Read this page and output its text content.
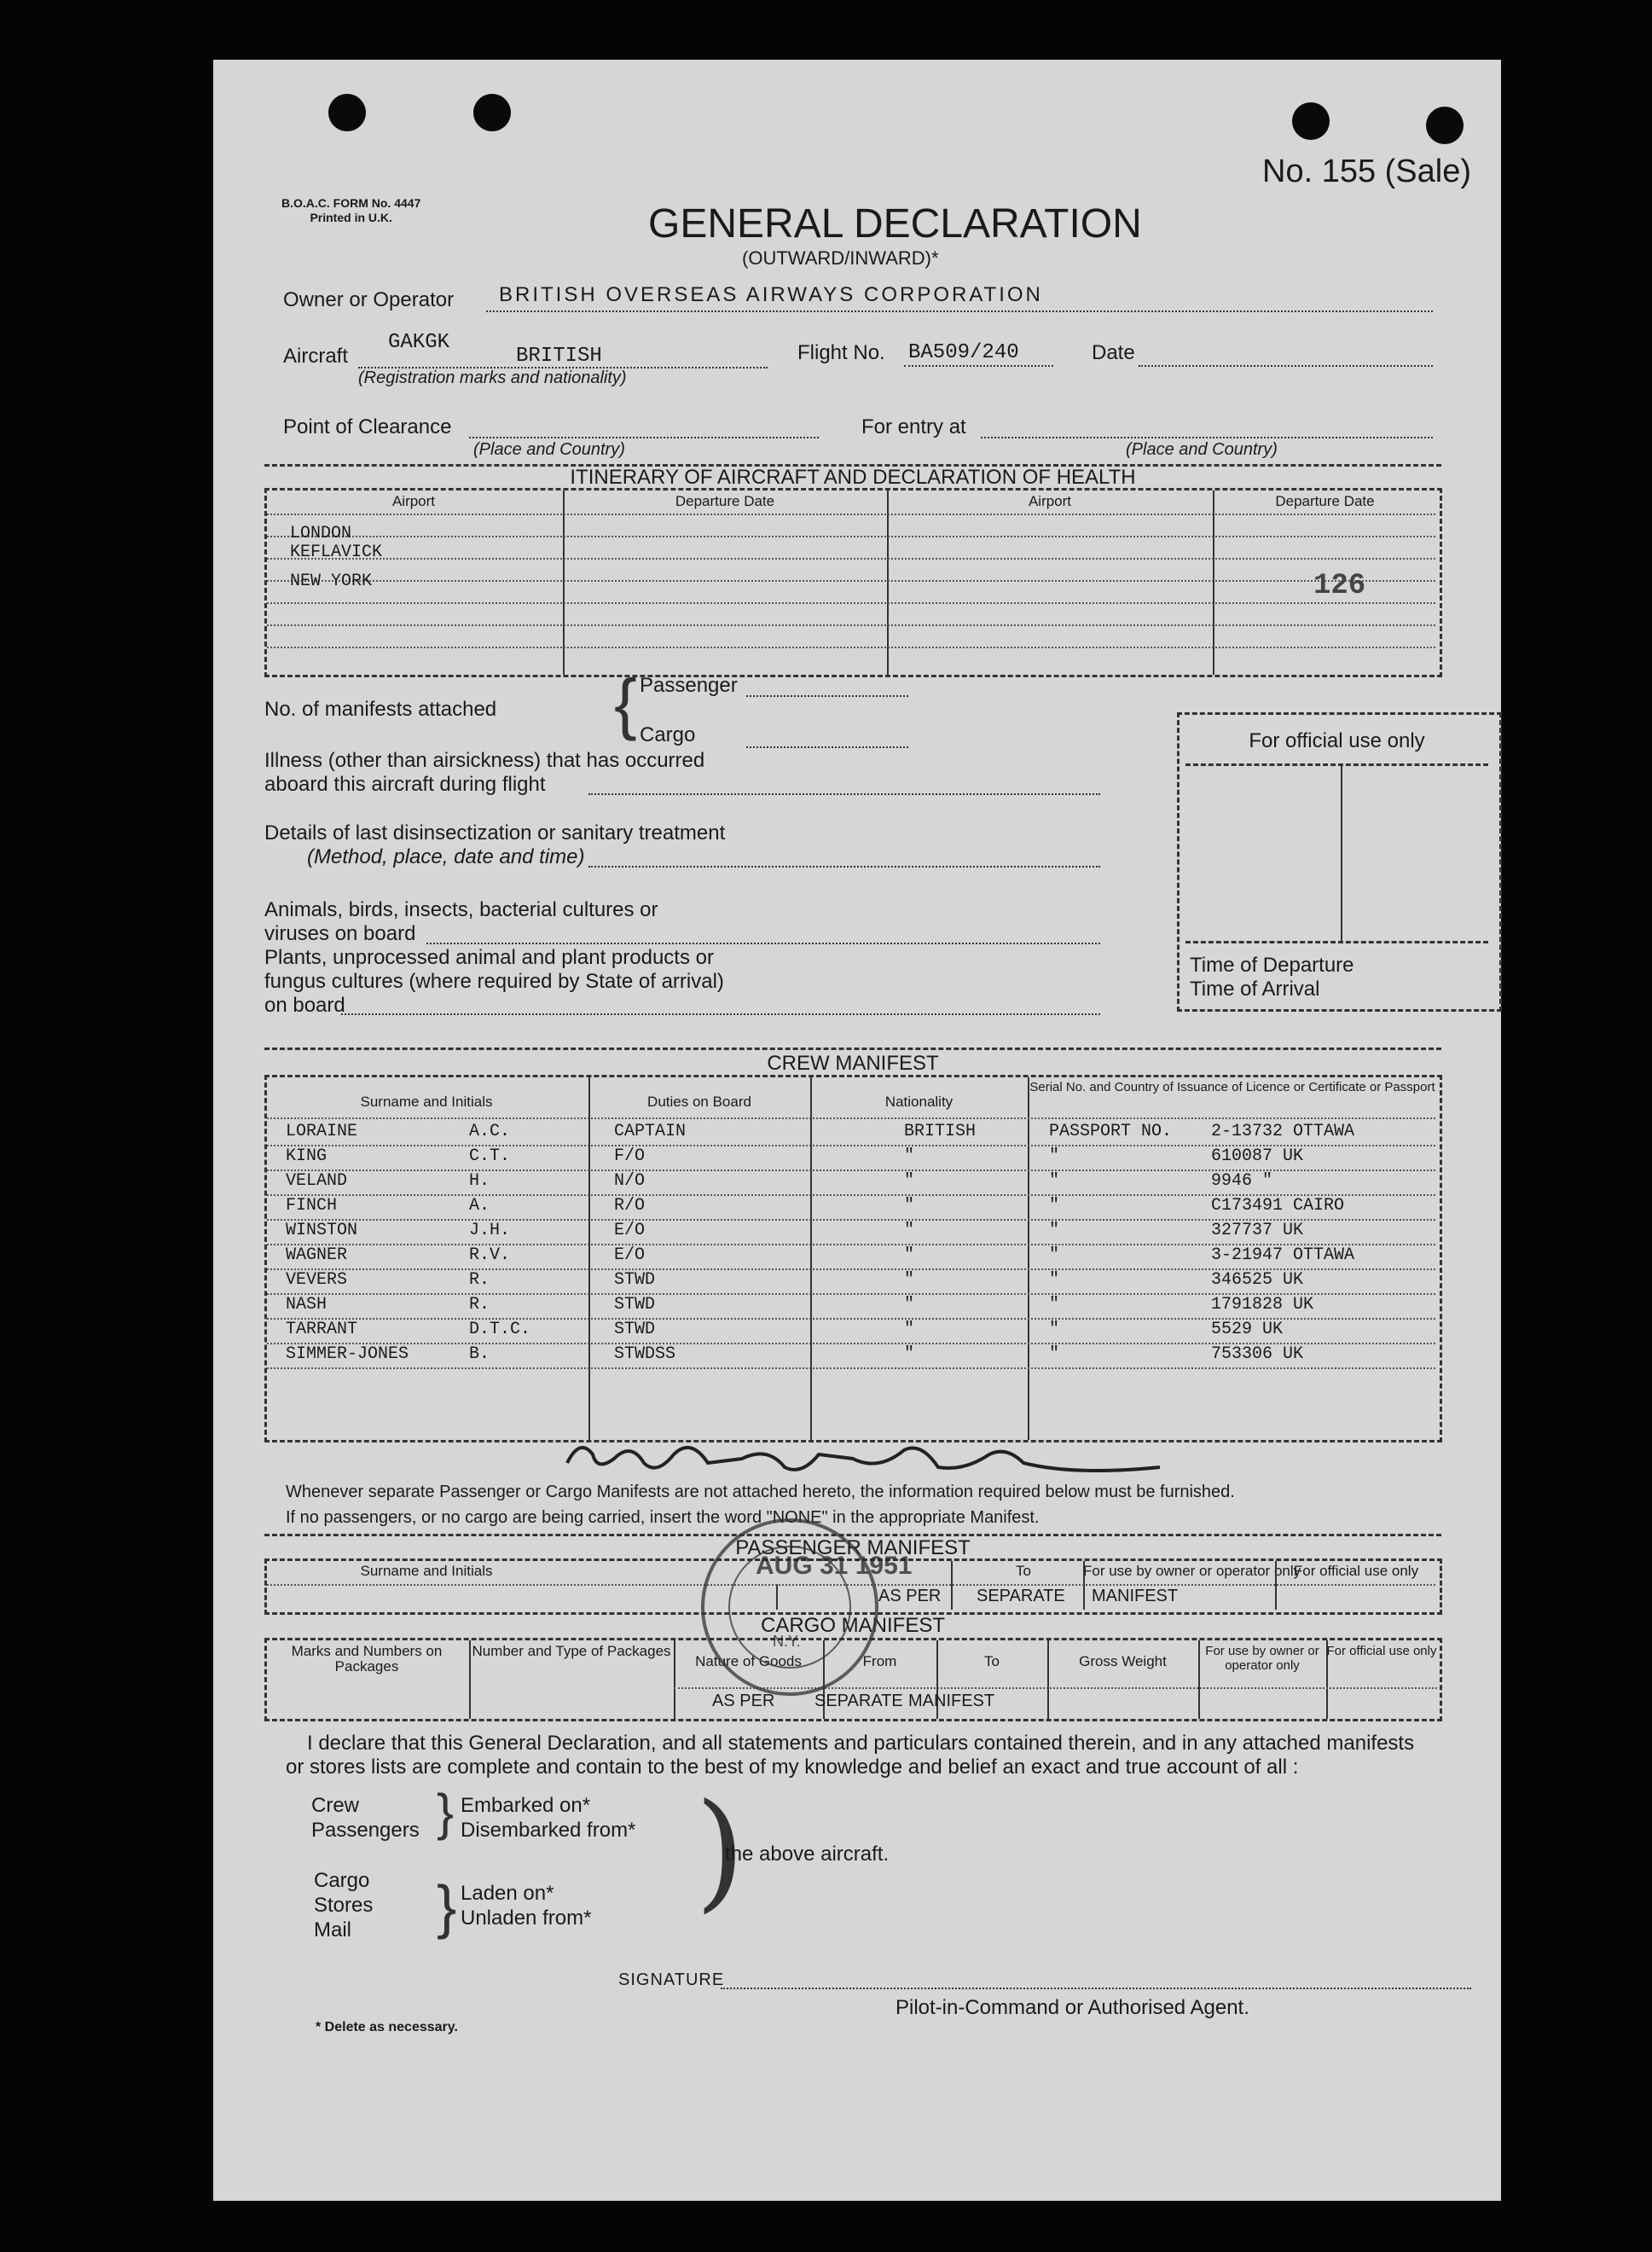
B.O.A.C. FORM No. 4447
Printed in U.K.
No. 155 (Sale)
GENERAL DECLARATION
(OUTWARD/INWARD)*
Owner or Operator BRITISH OVERSEAS AIRWAYS CORPORATION
Aircraft
GAKGK
BRITISH
(Registration marks and nationality)
Flight No. BA509/240	Date
Point of Clearance
(Place and Country)
For entry at
(Place and Country)
ITINERARY OF AIRCRAFT AND DECLARATION OF HEALTH
Airport	Departure Date	Airport	Departure Date
LONDON
KEFLAVICK
NEW YORK	126
No. of manifests attached { Passenger
Cargo
Illness (other than airsickness) that has occurred
aboard this aircraft during flight
Details of last disinsectization or sanitary treatment
(Method, place, date and time)
Animals, birds, insects, bacterial cultures or
viruses on board
Plants, unprocessed animal and plant products or
fungus cultures (where required by State of arrival)
on board
For official use only
Time of Departure
Time of Arrival
CREW MANIFEST
Surname and Initials	Duties on Board	Nationality
Serial No. and Country of Issuance of Licence or Certificate or Passport
LORAINE	A.C.	CAPTAIN	BRITISH	PASSPORT NO. 2-13732 OTTAWA
KING	C.T.	F/O	"	"	610087 UK
VELAND	H.	N/O	"	"	9946 "
FINCH	A.	R/O	"	"	C173491 CAIRO
WINSTON	J.H.	E/O	"	"	327737 UK
WAGNER	R.V.	E/O	"	"	3-21947 OTTAWA
VEVERS	R.	STWD	"	"	346525 UK
NASH	R.	STWD	"	"	1791828 UK
TARRANT	D.T.C.	STWD	"	"	5529 UK
SIMMER-JONES	B.	STWDSS	"	"	753306 UK
Whenever separate Passenger or Cargo Manifests are not attached hereto, the information required below must be furnished.
If no passengers, or no cargo are being carried, insert the word "NONE" in the appropriate Manifest.
PASSENGER MANIFEST
Surname and Initials	To	For use by owner or operator only
For official use only
AS PER SEPARATE MANIFEST
CARGO MANIFEST
Marks and Numbers on Packages
Number and Type of Packages
Nature of Goods	From	To	Gross Weight
For use by owner or operator only
For official use only
AS PER SEPARATE MANIFEST
AUG 31 1951
N.Y.
I declare that this General Declaration, and all statements and particulars contained therein, and in any attached manifests
or stores lists are complete and contain to the best of my knowledge and belief an exact and true account of all :
Crew
Passengers } Embarked on*
Disembarked from* )
the above aircraft.
Cargo
Stores
Mail	} Laden on*
Unladen from*
SIGNATURE
Pilot-in-Command or Authorised Agent.
* Delete as necessary.
